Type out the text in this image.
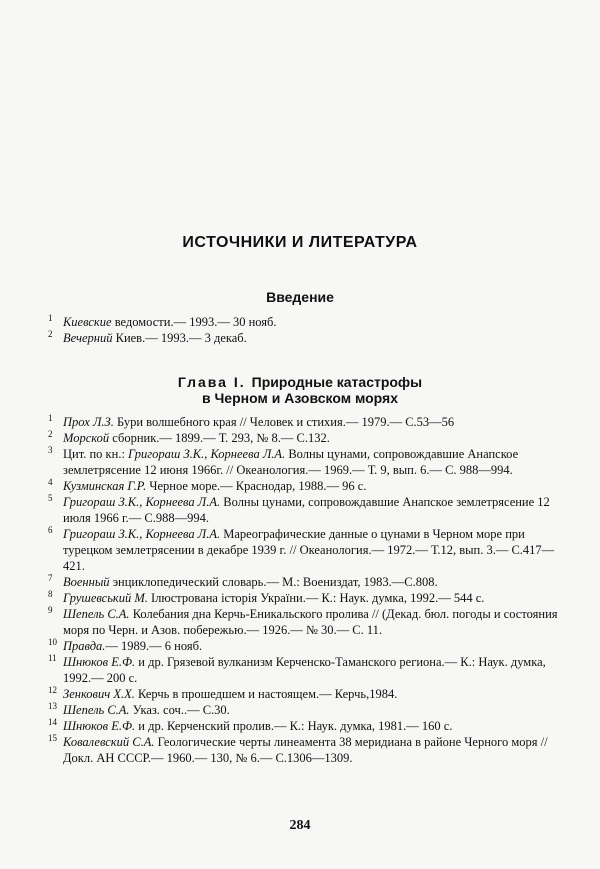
ИСТОЧНИКИ И ЛИТЕРАТУРА
Введение
1 Киевские ведомости.— 1993.— 30 нояб.
2 Вечерний Киев.— 1993.— 3 декаб.
Глава I. Природные катастрофы
в Черном и Азовском морях
1 Прох Л.З. Бури волшебного края // Человек и стихия.— 1979.— С.53—56
2 Морской сборник.— 1899.— Т. 293, № 8.— С.132.
3 Цит. по кн.: Григораш З.К., Корнеева Л.А. Волны цунами, сопровождавшие Анапское землетрясение 12 июня 1966г. // Океанология.— 1969.— Т. 9, вып. 6.— С. 988—994.
4 Кузминская Г.Р. Черное море.— Краснодар, 1988.— 96 с.
5 Григораш З.К., Корнеева Л.А. Волны цунами, сопровождавшие Анапское землетрясение 12 июля 1966 г.— С.988—994.
6 Григораш З.К., Корнеева Л.А. Мареографические данные о цунами в Черном море при турецком землетрясении в декабре 1939 г. // Океанология.— 1972.— Т.12, вып. 3.— С.417—421.
7 Военный энциклопедический словарь.— М.: Воениздат, 1983.—С.808.
8 Грушевський М. Ілюстрована історія України.— К.: Наук. думка, 1992.— 544 с.
9 Шепель С.А. Колебания дна Керчь-Еникальского пролива // (Декад. бюл. погоды и состояния моря по Черн. и Азов. побережью.— 1926.— № 30.— С. 11.
10 Правда.— 1989.— 6 нояб.
11 Шнюков Е.Ф. и др. Грязевой вулканизм Керченско-Таманского региона.— К.: Наук. думка, 1992.— 200 с.
12 Зенкович Х.Х. Керчь в прошедшем и настоящем.— Керчь,1984.
13 Шепель С.А. Указ. соч..— С.30.
14 Шнюков Е.Ф. и др. Керченский пролив.— К.: Наук. думка, 1981.— 160 с.
15 Ковалевский С.А. Геологические черты линеамента 38 меридиана в районе Черного моря // Докл. АН СССР.— 1960.— 130, № 6.— С.1306—1309.
284
